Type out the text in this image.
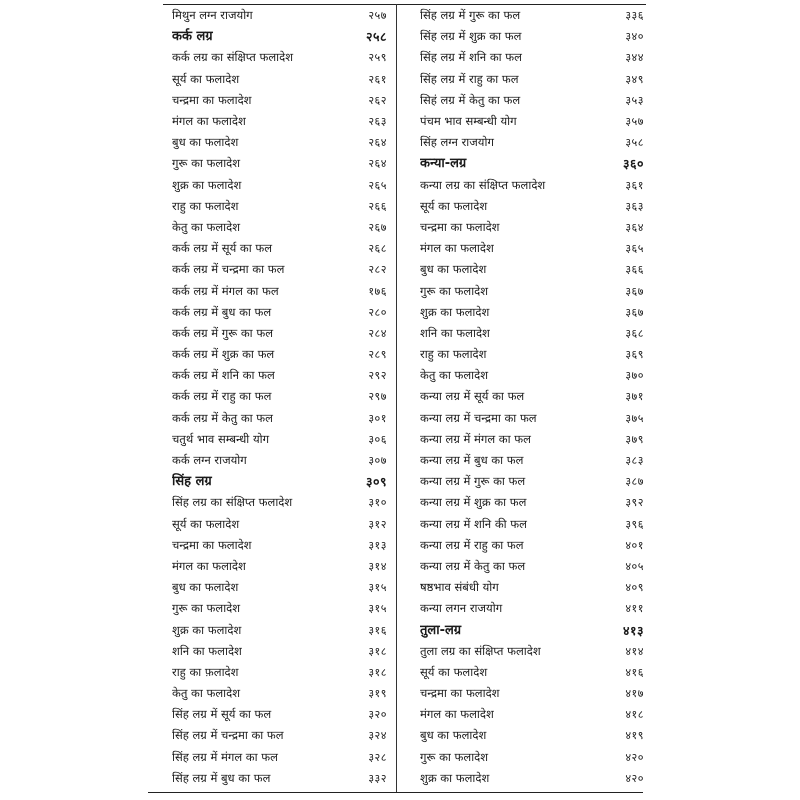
मिथुन लग्न राजयोग	२५७
कर्क लग्र	२५८
कर्क लग्र का संक्षिप्त फलादेश	२५९
सूर्य का फलादेश	२६१
चन्द्रमा का फलादेश	२६२
मंगल का फलादेश	२६३
बुध का फलादेश	२६४
गुरू का फलादेश	२६४
शुक्र का फलादेश	२६५
राहु का फलादेश	२६६
केतु का फलादेश	२६७
कर्क लग्र में सूर्य का फल	२६८
कर्क लग्र में चन्द्रमा का फल	२८२
कर्क लग्र में मंगल का फल	१७६
कर्क लग्र में बुध का फल	२८०
कर्क लग्र में गुरू का फल	२८४
कर्क लग्र में शुक्र का फल	२८९
कर्क लग्र में शनि का फल	२९२
कर्क लग्र में राहु का फल	२९७
कर्क लग्र में केतु का फल	३०१
चतुर्थ भाव सम्बन्धी योग	३०६
कर्क लग्न राजयोग	३०७
सिंह लग्र	३०९
सिंह लग्र का संक्षिप्त फलादेश	३१०
सूर्य का फलादेश	३१२
चन्द्रमा का फलादेश	३१३
मंगल का फलादेश	३१४
बुध का फलादेश	३१५
गुरू का फलादेश	३१५
शुक्र का फलादेश	३१६
शनि का फलादेश	३१८
राहु का फ़लादेश	३१८
केतु का फलादेश	३१९
सिंह लग्र में सूर्य का फल	३२०
सिंह लग्र में चन्द्रमा का फल	३२४
सिंह लग्र में मंगल का फल	३२८
सिंह लग्र में बुध का फल	३३२
सिंह लग्र में गुरू का फल	३३६
सिंह लग्र में शुक्र का फल	३४०
सिंह लग्र में शनि का फल	३४४
सिंह लग्र में राहु का फल	३४९
सिहं लग्र में केतु का फल	३५३
पंचम भाव सम्बन्धी योग	३५७
सिंह लग्न राजयोग	३५८
कन्या-लग्र	३६०
कन्या लग्र का संक्षिप्त फलादेश	३६१
सूर्य का फलादेश	३६३
चन्द्रमा का फलादेश	३६४
मंगल का फलादेश	३६५
बुध का फलादेश	३६६
गुरू का फलादेश	३६७
शुक्र का फलादेश	३६७
शनि का फलादेश	३६८
राहु का फलादेश	३६९
केतु का फलादेश	३७०
कन्या लग्र में सूर्य का फल	३७१
कन्या लग्र में चन्द्रमा का फल	३७५
कन्या लग्र में मंगल का फल	३७९
कन्या लग्र में बुध का फल	३८३
कन्या लग्र में गुरू का फल	३८७
कन्या लग्र में शुक्र का फल	३९२
कन्या लग्र में शनि की फल	३९६
कन्या लग्र में राहु का फल	४०१
कन्या लग्र में केतु का फल	४०५
षष्ठभाव संबंधी योग	४०९
कन्या लगन राजयोग	४११
तुला-लग्र	४१३
तुला लग्र का संक्षिप्त फलादेश	४१४
सूर्य का फलादेश	४१६
चन्द्रमा का फलादेश	४१७
मंगल का फलादेश	४१८
बुध का फलादेश	४१९
गुरू का फलादेश	४२०
शुक्र का फलादेश	४२०
